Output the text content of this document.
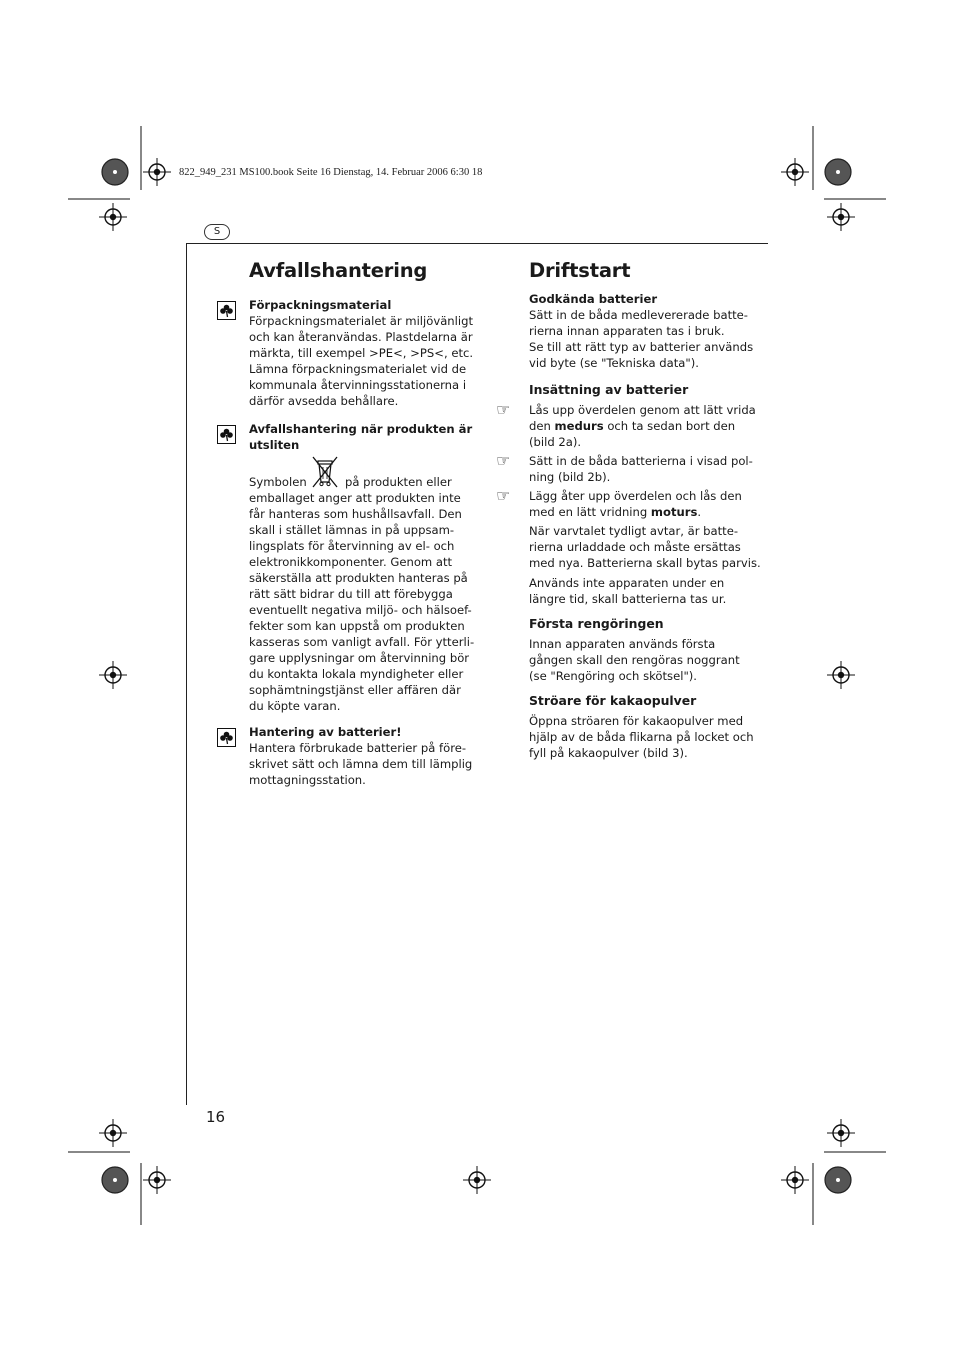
822_949_231 MS100.book Seite 16 Dienstag, 14. Februar 2006 6:30 18
S
16
Avfallshantering

Förpackningsmaterial

Förpackningsmaterialet är miljövänligt

och kan återanvändas. Plastdelarna är

märkta, till exempel >PE<, >PS<, etc.

Lämna förpackningsmaterialet vid de

kommunala återvinningsstationerna i

därför avsedda behållare.

Avfallshantering när produkten är

utsliten

Symbolen	på produkten eller

emballaget anger att produkten inte

får hanteras som hushållsavfall. Den

skall i stället lämnas in på uppsam-

lingsplats för återvinning av el- och

elektronikkomponenter. Genom att

säkerställa att produkten hanteras på

rätt sätt bidrar du till att förebygga

eventuellt negativa miljö- och hälsoef-

fekter som kan uppstå om produkten

kasseras som vanligt avfall. För ytterli-

gare upplysningar om återvinning bör

du kontakta lokala myndigheter eller

sophämtningstjänst eller affären där

du köpte varan.

Hantering av batterier!

Hantera förbrukade batterier på före-

skrivet sätt och lämna dem till lämplig

mottagningsstation.

Driftstart

Godkända batterier

Sätt in de båda medlevererade batte-

rierna innan apparaten tas i bruk.

Se till att rätt typ av batterier används

vid byte (se "Tekniska data").

Insättning av batterier

☞ Lås upp överdelen genom att lätt vrida

den medurs och ta sedan bort den

(bild 2a).

☞ Sätt in de båda batterierna i visad pol-

ning (bild 2b).

☞ Lägg åter upp överdelen och lås den

med en lätt vridning moturs.

När varvtalet tydligt avtar, är batte-

rierna urladdade och måste ersättas

med nya. Batterierna skall bytas parvis.

Används inte apparaten under en

längre tid, skall batterierna tas ur.

Första rengöringen

Innan apparaten används första

gången skall den rengöras noggrant

(se "Rengöring och skötsel").

Ströare för kakaopulver

Öppna ströaren för kakaopulver med

hjälp av de båda flikarna på locket och

fyll på kakaopulver (bild 3).
